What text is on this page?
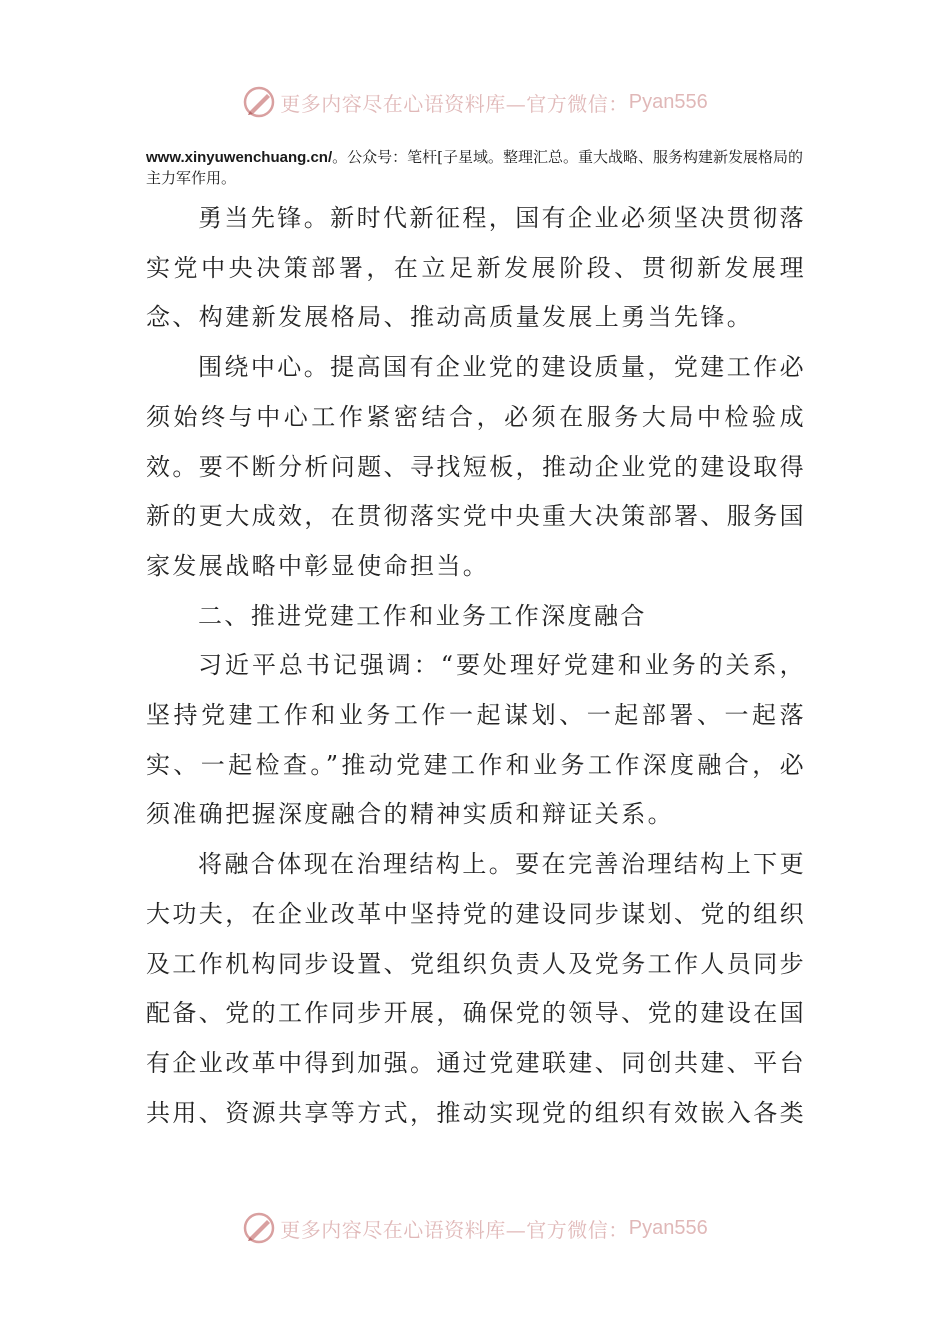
更多内容尽在心语资料库—官方微信： Pyan556
www.xinyuwenchuang.cn/。公众号：笔杆[子星域。整理汇总。重大战略、服务构建新发展格局的主力军作用。

勇当先锋。新时代新征程，国有企业必须坚决贯彻落实党中央决策部署，在立足新发展阶段、贯彻新发展理念、构建新发展格局、推动高质量发展上勇当先锋。

围绕中心。提高国有企业党的建设质量，党建工作必须始终与中心工作紧密结合，必须在服务大局中检验成效。要不断分析问题、寻找短板，推动企业党的建设取得新的更大成效，在贯彻落实党中央重大决策部署、服务国家发展战略中彰显使命担当。

二、推进党建工作和业务工作深度融合

习近平总书记强调：“要处理好党建和业务的关系，坚持党建工作和业务工作一起谋划、一起部署、一起落实、一起检查。”推动党建工作和业务工作深度融合，必须准确把握深度融合的精神实质和辩证关系。

将融合体现在治理结构上。要在完善治理结构上下更大功夫，在企业改革中坚持党的建设同步谋划、党的组织及工作机构同步设置、党组织负责人及党务工作人员同步配备、党的工作同步开展，确保党的领导、党的建设在国有企业改革中得到加强。通过党建联建、同创共建、平台共用、资源共享等方式，推动实现党的组织有效嵌入各类

更多内容尽在心语资料库—官方微信： Pyan556
